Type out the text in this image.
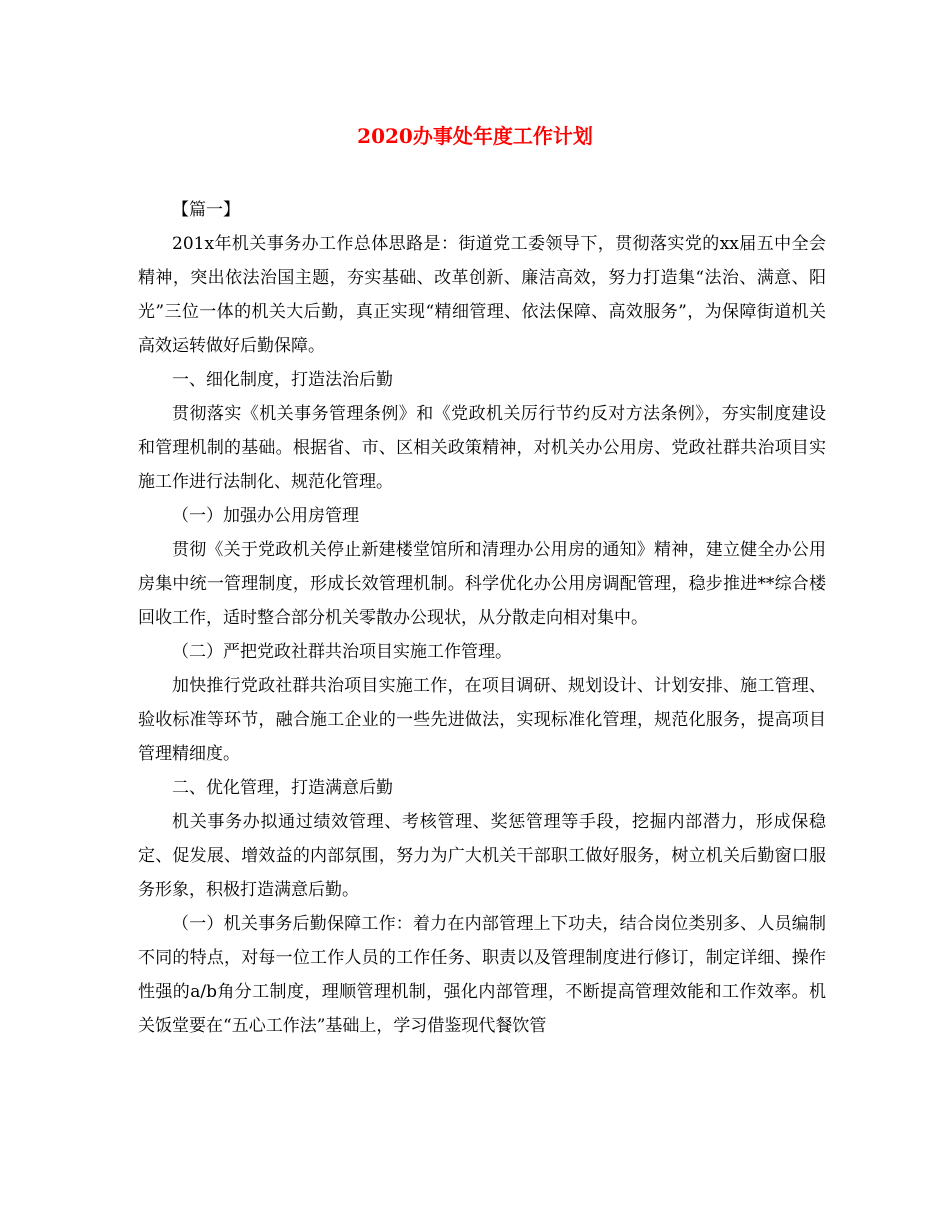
2020办事处年度工作计划

【篇一】

201x年机关事务办工作总体思路是：街道党工委领导下，贯彻落实党的xx届五中全会精神，突出依法治国主题，夯实基础、改革创新、廉洁高效，努力打造集“法治、满意、阳光”三位一体的机关大后勤，真正实现“精细管理、依法保障、高效服务”，为保障街道机关高效运转做好后勤保障。

一、细化制度，打造法治后勤

贯彻落实《机关事务管理条例》和《党政机关厉行节约反对方法条例》，夯实制度建设和管理机制的基础。根据省、市、区相关政策精神，对机关办公用房、党政社群共治项目实施工作进行法制化、规范化管理。

（一）加强办公用房管理

贯彻《关于党政机关停止新建楼堂馆所和清理办公用房的通知》精神，建立健全办公用房集中统一管理制度，形成长效管理机制。科学优化办公用房调配管理，稳步推进**综合楼回收工作，适时整合部分机关零散办公现状，从分散走向相对集中。

（二）严把党政社群共治项目实施工作管理。

加快推行党政社群共治项目实施工作，在项目调研、规划设计、计划安排、施工管理、验收标准等环节，融合施工企业的一些先进做法，实现标准化管理，规范化服务，提高项目管理精细度。

二、优化管理，打造满意后勤

机关事务办拟通过绩效管理、考核管理、奖惩管理等手段，挖掘内部潜力，形成保稳定、促发展、增效益的内部氛围，努力为广大机关干部职工做好服务，树立机关后勤窗口服务形象，积极打造满意后勤。

（一）机关事务后勤保障工作：着力在内部管理上下功夫，结合岗位类别多、人员编制不同的特点，对每一位工作人员的工作任务、职责以及管理制度进行修订，制定详细、操作性强的a/b角分工制度，理顺管理机制，强化内部管理，不断提高管理效能和工作效率。机关饭堂要在“五心工作法”基础上，学习借鉴现代餐饮管
